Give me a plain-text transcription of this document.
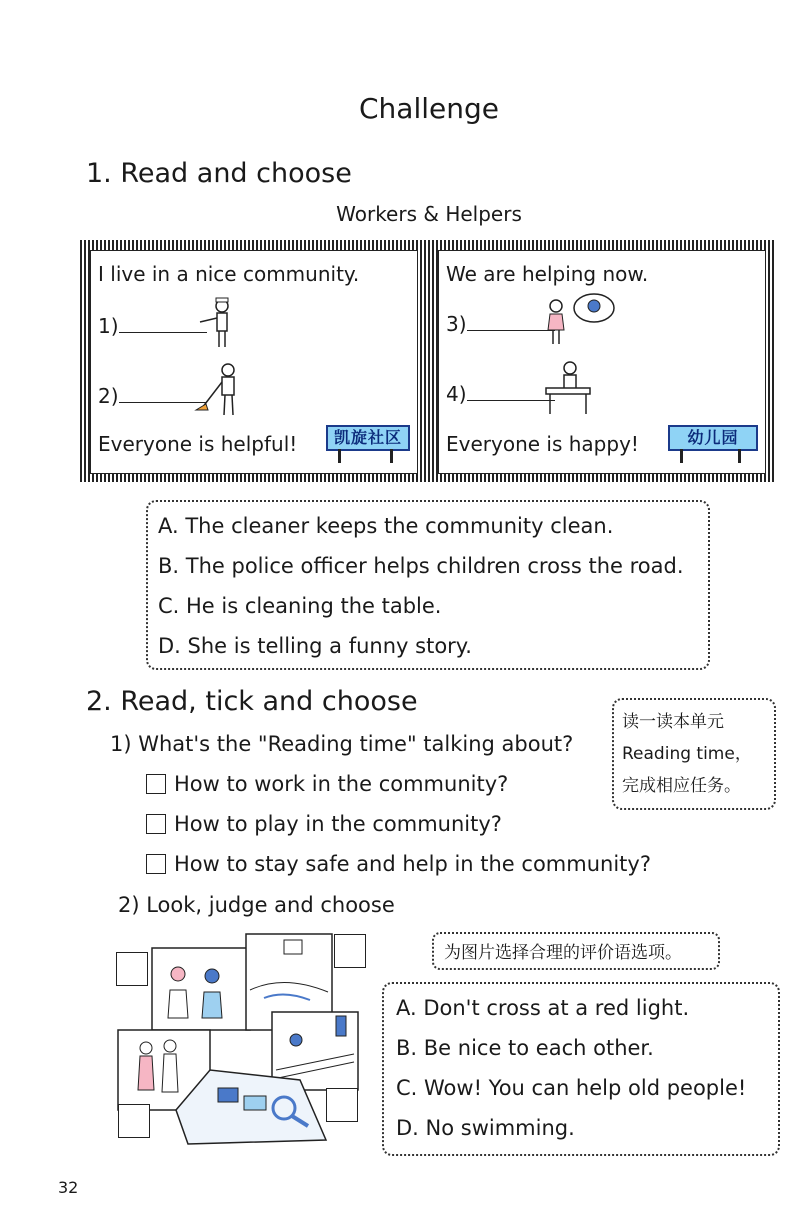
Challenge
1. Read and choose
Workers & Helpers
I live in a nice community.
1)
2)
Everyone is helpful!	凯旋社区
We are helping now.
3)
4)
Everyone is happy!	幼儿园
A. The cleaner keeps the community clean.
B. The police officer helps children cross the road.
C. He is cleaning the table.
D. She is telling a funny story.
2. Read, tick and choose
读一读本单元
Reading time，
完成相应任务。
1) What's the "Reading time" talking about?
How to work in the community?
How to play in the community?
How to stay safe and help in the community?
2) Look, judge and choose
为图片选择合理的评价语选项。
A. Don't cross at a red light.
B. Be nice to each other.
C. Wow! You can help old people!
D. No swimming.
32
